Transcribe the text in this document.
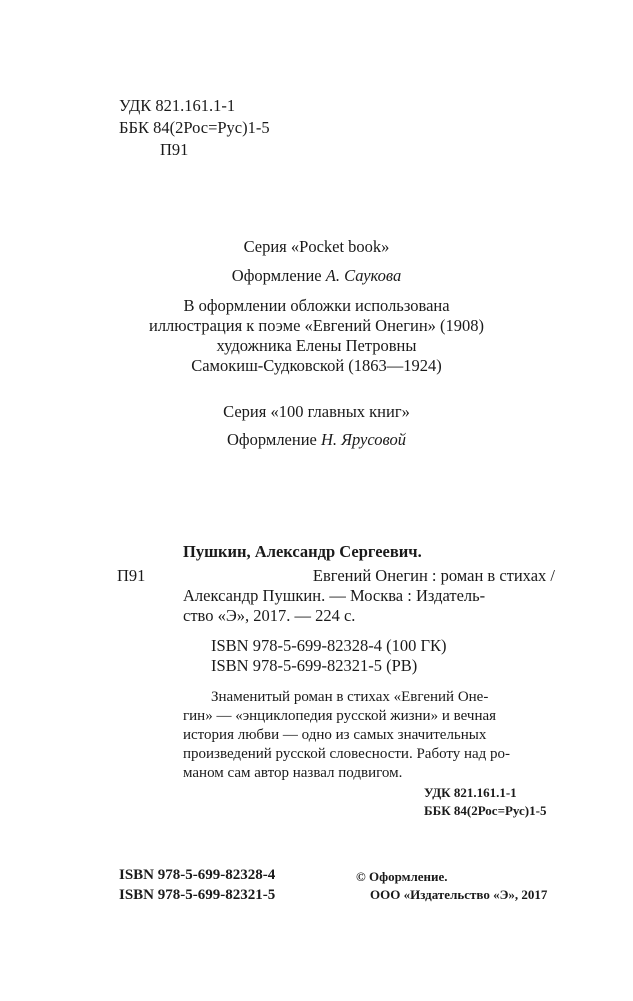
УДК 821.161.1-1
ББК 84(2Рос=Рус)1-5
П91
Серия «Pocket book»
Оформление А. Саукова
В оформлении обложки использована
иллюстрация к поэме «Евгений Онегин» (1908)
художника Елены Петровны
Самокиш-Судковской (1863—1924)
Серия «100 главных книг»
Оформление Н. Ярусовой
Пушкин, Александр Сергеевич.
П91	Евгений Онегин : роман в стихах /
Александр Пушкин. — Москва : Издатель-
ство «Э», 2017. — 224 с.
ISBN 978-5-699-82328-4 (100 ГК)
ISBN 978-5-699-82321-5 (РВ)
Знаменитый роман в стихах «Евгений Оне-
гин» — «энциклопедия русской жизни» и вечная
история любви — одно из самых значительных
произведений русской словесности. Работу над ро-
маном сам автор назвал подвигом.
УДК 821.161.1-1
ББК 84(2Рос=Рус)1-5
ISBN 978-5-699-82328-4
ISBN 978-5-699-82321-5
© Оформление.
ООО «Издательство «Э», 2017
